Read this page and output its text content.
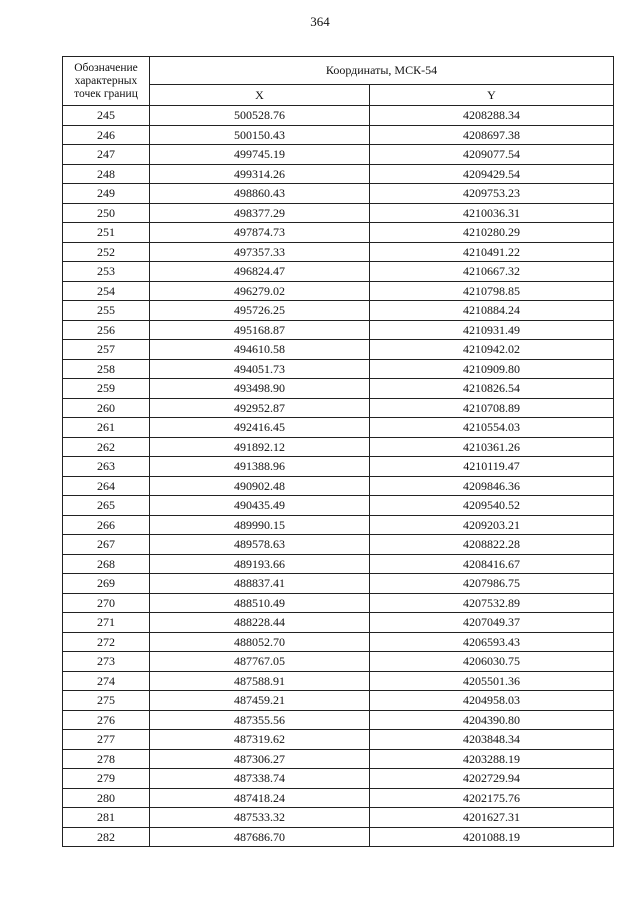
364
Обозначение характерных точек границ	Координаты, МСК-54	
	X	Y
245	500528.76	4208288.34
246	500150.43	4208697.38
247	499745.19	4209077.54
248	499314.26	4209429.54
249	498860.43	4209753.23
250	498377.29	4210036.31
251	497874.73	4210280.29
252	497357.33	4210491.22
253	496824.47	4210667.32
254	496279.02	4210798.85
255	495726.25	4210884.24
256	495168.87	4210931.49
257	494610.58	4210942.02
258	494051.73	4210909.80
259	493498.90	4210826.54
260	492952.87	4210708.89
261	492416.45	4210554.03
262	491892.12	4210361.26
263	491388.96	4210119.47
264	490902.48	4209846.36
265	490435.49	4209540.52
266	489990.15	4209203.21
267	489578.63	4208822.28
268	489193.66	4208416.67
269	488837.41	4207986.75
270	488510.49	4207532.89
271	488228.44	4207049.37
272	488052.70	4206593.43
273	487767.05	4206030.75
274	487588.91	4205501.36
275	487459.21	4204958.03
276	487355.56	4204390.80
277	487319.62	4203848.34
278	487306.27	4203288.19
279	487338.74	4202729.94
280	487418.24	4202175.76
281	487533.32	4201627.31
282	487686.70	4201088.19
